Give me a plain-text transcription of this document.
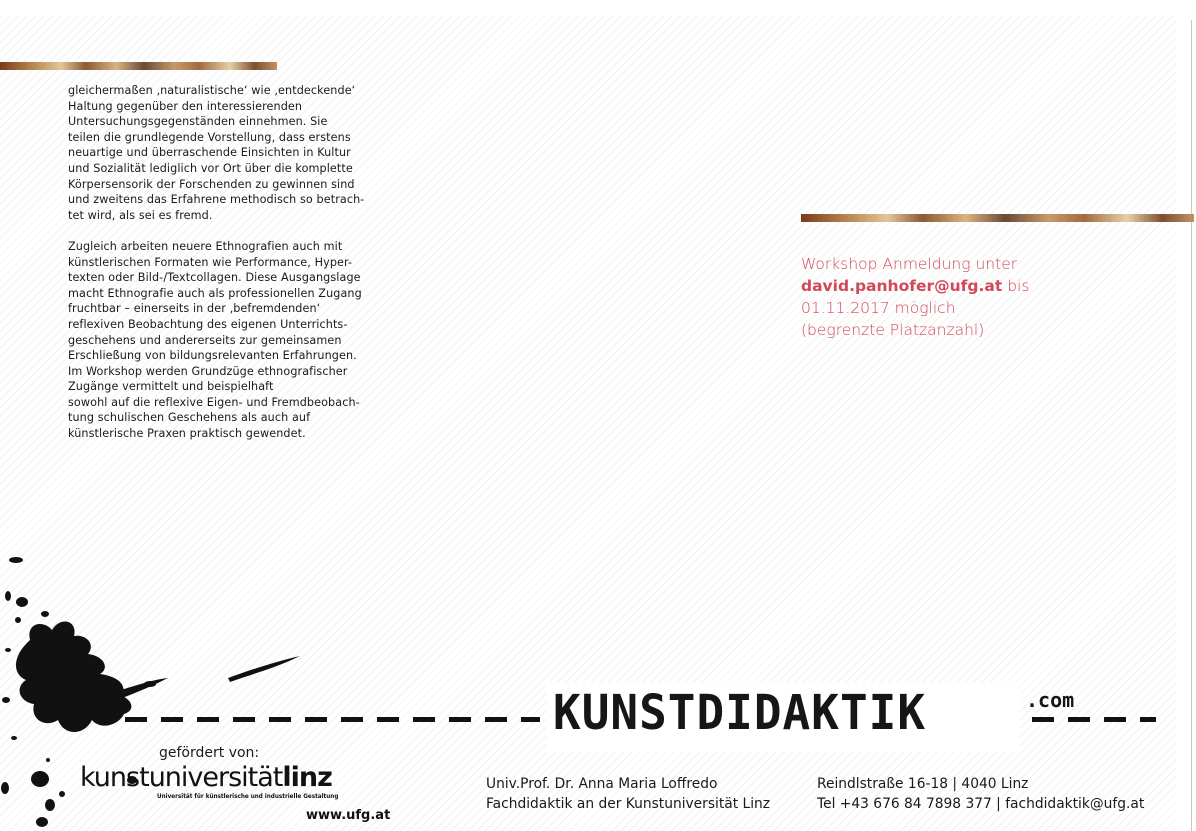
gleichermaßen ‚naturalistische‘ wie ‚entdeckende‘
Haltung gegenüber den interessierenden
Untersuchungsgegenständen einnehmen. Sie
teilen die grundlegende Vorstellung, dass erstens
neuartige und überraschende Einsichten in Kultur
und Sozialität lediglich vor Ort über die komplette
Körpersensorik der Forschenden zu gewinnen sind
und zweitens das Erfahrene methodisch so betrach-
tet wird, als sei es fremd.
Zugleich arbeiten neuere Ethnografien auch mit
künstlerischen Formaten wie Performance, Hyper-
texten oder Bild-/Textcollagen. Diese Ausgangslage
macht Ethnografie auch als professionellen Zugang
fruchtbar – einerseits in der ‚befremdenden‘
reflexiven Beobachtung des eigenen Unterrichts-
geschehens und andererseits zur gemeinsamen
Erschließung von bildungsrelevanten Erfahrungen.
Im Workshop werden Grundzüge ethnografischer
Zugänge vermittelt und beispielhaft
sowohl auf die reflexive Eigen- und Fremdbeobach-
tung schulischen Geschehens als auch auf
künstlerische Praxen praktisch gewendet.
Workshop Anmeldung unter
david.panhofer@ufg.at bis
01.11.2017 möglich
(begrenzte Platzanzahl)
KUNSTDIDAKTIK	.com
gefördert von:
kunstuniversitätlinz
Universität für künstlerische und industrielle Gestaltung
www.ufg.at
Univ.Prof. Dr. Anna Maria Loffredo
Fachdidaktik an der Kunstuniversität Linz
Reindlstraße 16-18 | 4040 Linz
Tel +43 676 84 7898 377 | fachdidaktik@ufg.at
